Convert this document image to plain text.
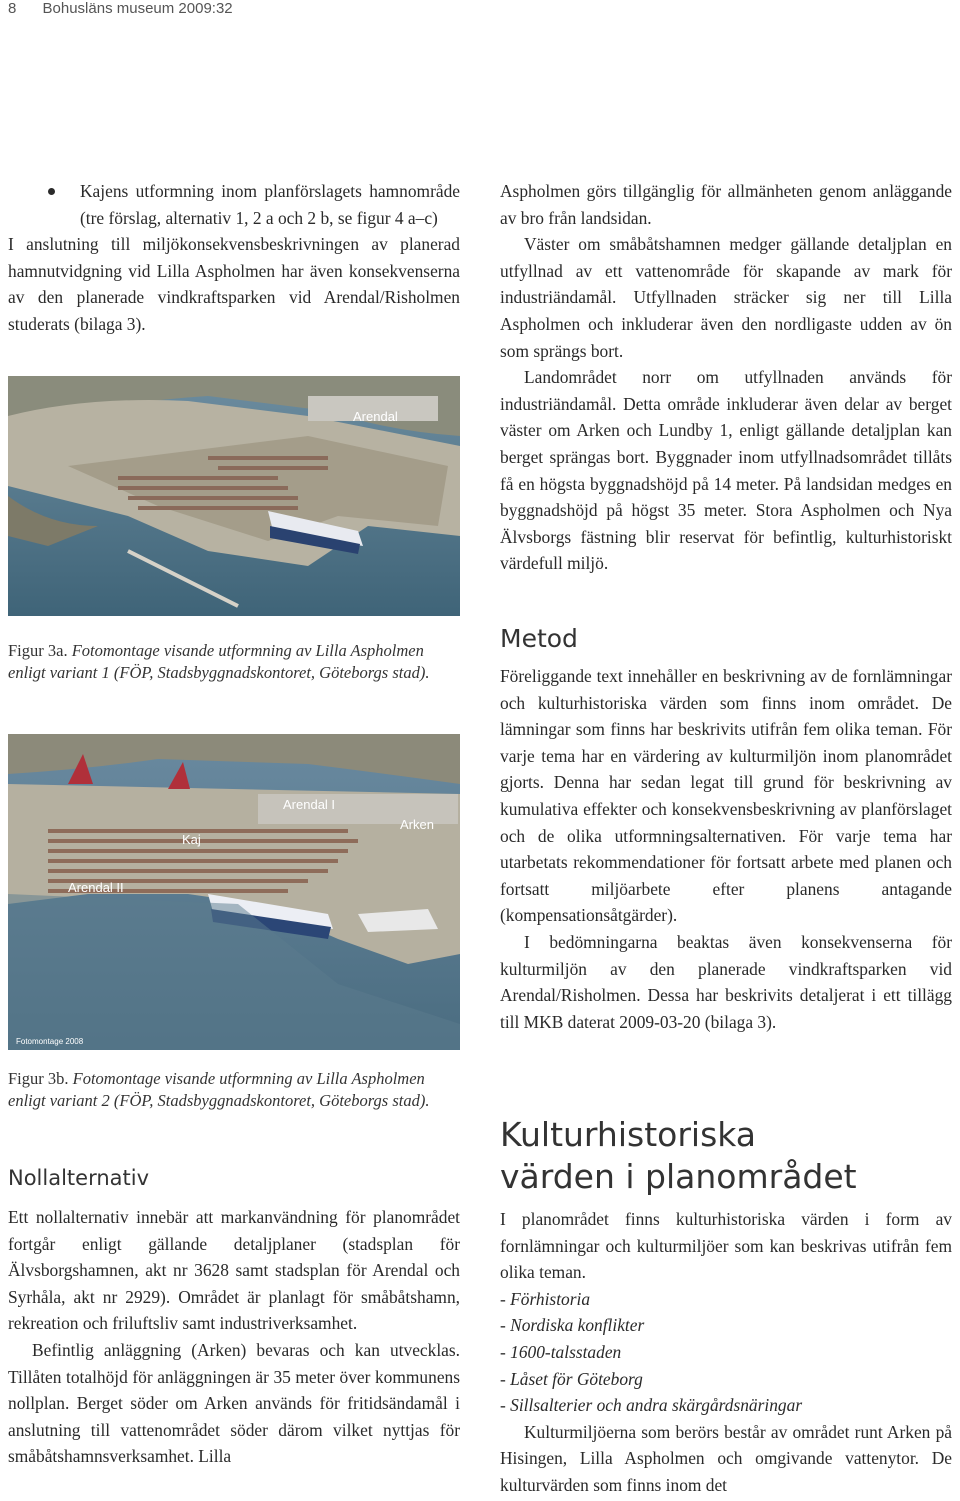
8 Bohusläns museum 2009:32

Kajens utformning inom planförslagets hamnområde (tre förslag, alternativ 1, 2 a och 2 b, se figur 4 a–c)

I anslutning till miljökonsekvensbeskrivningen av planerad hamnutvidgning vid Lilla Aspholmen har även konsekvenserna av den planerade vindkraftsparken vid Arendal/Risholmen studerats (bilaga 3).

Arendal
Figur 3a. Fotomontage visande utformning av Lilla Aspholmen enligt variant 1 (FÖP, Stadsbyggnadskontoret, Göteborgs stad).
Arendal I
Arken
Kaj
Arendal II
Fotomontage 2008
Figur 3b. Fotomontage visande utformning av Lilla Aspholmen enligt variant 2 (FÖP, Stadsbyggnadskontoret, Göteborgs stad).
Nollalternativ

Ett nollalternativ innebär att markanvändning för planområdet fortgår enligt gällande detaljplaner (stadsplan för Älvsborgshamnen, akt nr 3628 samt stadsplan för Arendal och Syrhåla, akt nr 2929). Området är planlagt för småbåtshamn, rekreation och friluftsliv samt industriverksamhet.

Befintlig anläggning (Arken) bevaras och kan utvecklas. Tillåten totalhöjd för anläggningen är 35 meter över kommunens nollplan. Berget söder om Arken används för fritidsändamål i anslutning till vattenområdet söder därom vilket nyttjas för småbåtshamnsverksamhet. Lilla

Aspholmen görs tillgänglig för allmänheten genom anläggande av bro från landsidan.

Väster om småbåtshamnen medger gällande detaljplan en utfyllnad av ett vattenområde för skapande av mark för industriändamål. Utfyllnaden sträcker sig ner till Lilla Aspholmen och inkluderar även den nordligaste udden av ön som sprängs bort.

Landområdet norr om utfyllnaden används för industriändamål. Detta område inkluderar även delar av berget väster om Arken och Lundby 1, enligt gällande detaljplan kan berget sprängas bort. Byggnader inom utfyllnadsområdet tillåts få en högsta byggnadshöjd på 14 meter. På landsidan medges en byggnadshöjd på högst 35 meter. Stora Aspholmen och Nya Älvsborgs fästning blir reservat för befintlig, kulturhistoriskt värdefull miljö.

Metod

Föreliggande text innehåller en beskrivning av de fornlämningar och kulturhistoriska värden som finns inom området. De lämningar som finns har beskrivits utifrån fem olika teman. För varje tema har en värdering av kulturmiljön inom planområdet gjorts. Denna har sedan legat till grund för beskrivning av kumulativa effekter och konsekvensbeskrivning av planförslaget och de olika utformningsalternativen. För varje tema har utarbetats rekommendationer för fortsatt arbete med planen och fortsatt miljöarbete efter planens antagande (kompensationsåtgärder).

I bedömningarna beaktas även konsekvenserna för kulturmiljön av den planerade vindkraftsparken vid Arendal/Risholmen. Dessa har beskrivits detaljerat i ett tillägg till MKB daterat 2009-03-20 (bilaga 3).

Kulturhistoriska
värden i planområdet

I planområdet finns kulturhistoriska värden i form av fornlämningar och kulturmiljöer som kan beskrivas utifrån fem olika teman.

- Förhistoria
- Nordiska konflikter
- 1600-talsstaden
- Låset för Göteborg
- Sillsalterier och andra skärgårdsnäringar

Kulturmiljöerna som berörs består av området runt Arken på Hisingen, Lilla Aspholmen och omgivande vattenytor. De kulturvärden som finns inom det
